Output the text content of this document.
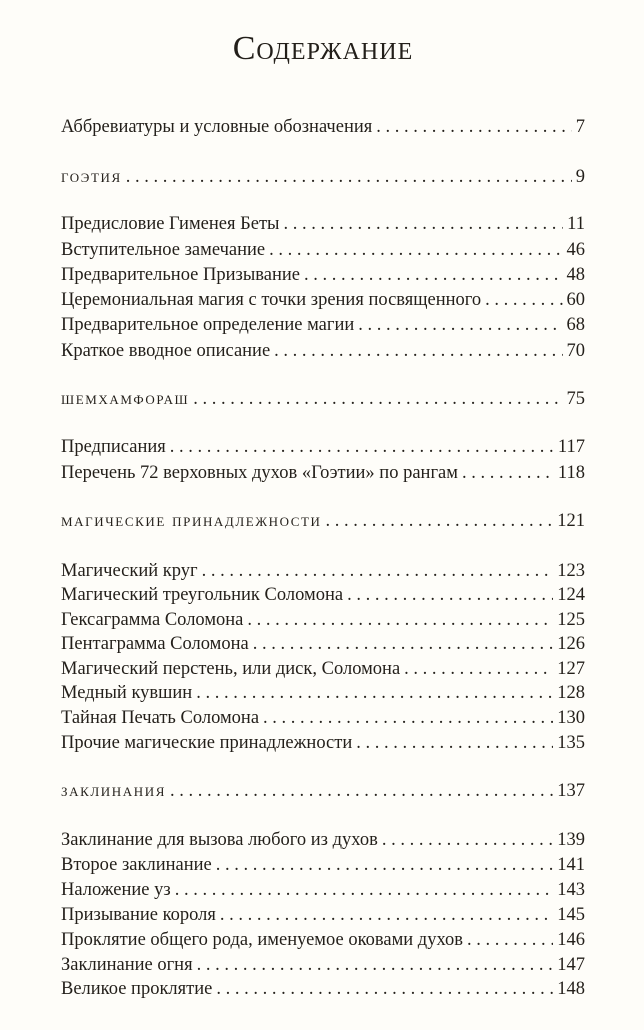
Содержание
Аббревиатуры и условные обозначения . . .	7
гоэтия . . .	9
Предисловие Гименея Беты . . .	11
Вступительное замечание . . .	46
Предварительное Призывание . . .	48
Церемониальная магия с точки зрения посвященного . . .	60
Предварительное определение магии . . .	68
Краткое вводное описание . . .	70
шемхамфораш . . .	75
Предписания . . .	117
Перечень 72 верховных духов «Гоэтии» по рангам . . .	118
магические принадлежности . . .	121
Магический круг . . .	123
Магический треугольник Соломона . . .	124
Гексаграмма Соломона . . .	125
Пентаграмма Соломона . . .	126
Магический перстень, или диск, Соломона . . .	127
Медный кувшин . . .	128
Тайная Печать Соломона . . .	130
Прочие магические принадлежности . . .	135
заклинания . . .	137
Заклинание для вызова любого из духов . . .	139
Второе заклинание . . .	141
Наложение уз . . .	143
Призывание короля . . .	145
Проклятие общего рода, именуемое оковами духов . . .	146
Заклинание огня . . .	147
Великое проклятие . . .	148
